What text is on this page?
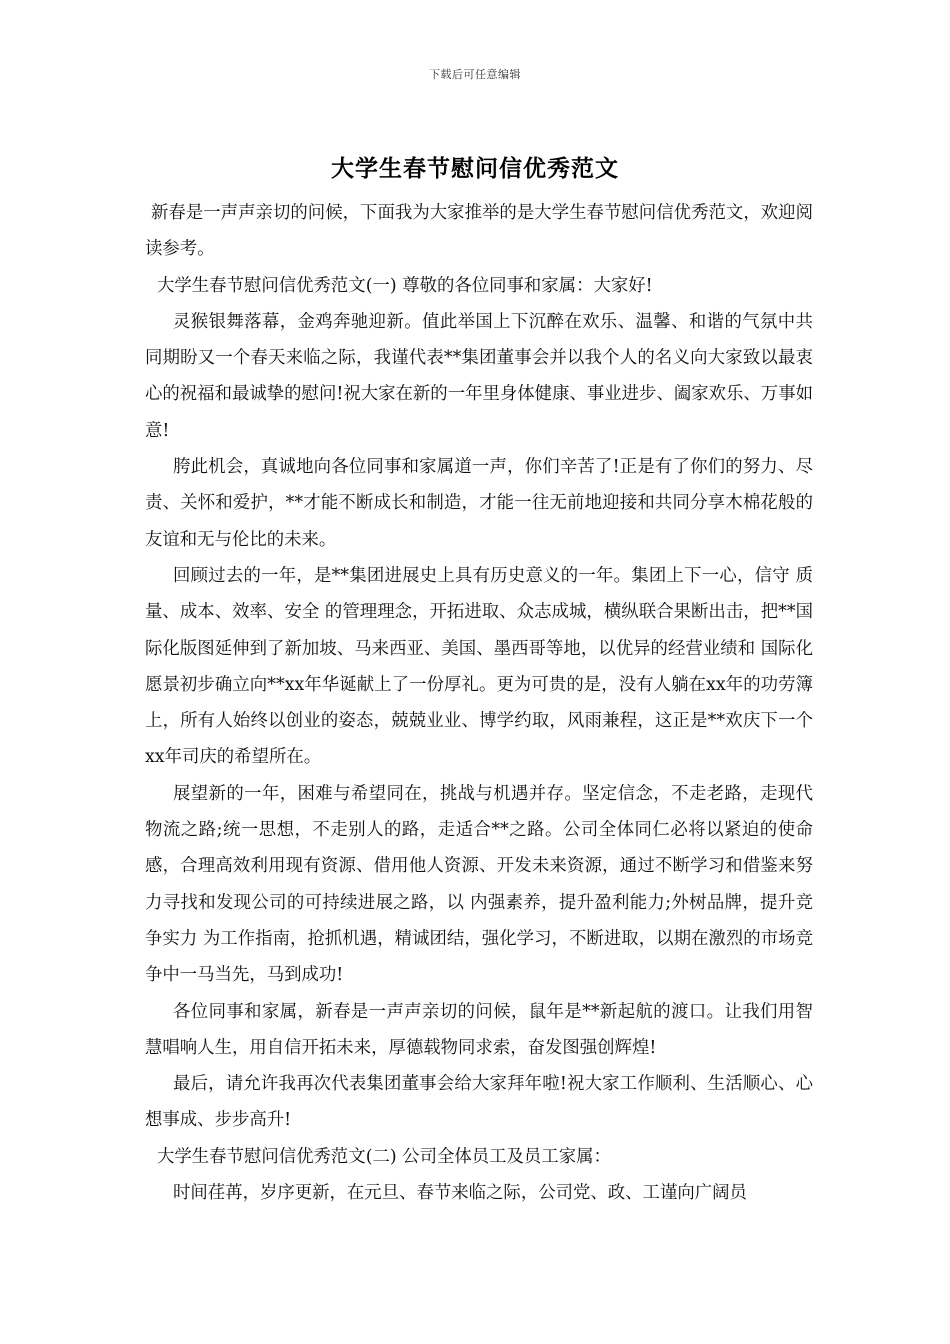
下载后可任意编辑
大学生春节慰问信优秀范文

新春是一声声亲切的问候，下面我为大家推举的是大学生春节慰问信优秀范文，欢迎阅读参考。

大学生春节慰问信优秀范文(一) 尊敬的各位同事和家属：大家好!

灵猴银舞落幕，金鸡奔驰迎新。值此举国上下沉醉在欢乐、温馨、和谐的气氛中共同期盼又一个春天来临之际，我谨代表**集团董事会并以我个人的名义向大家致以最衷心的祝福和最诚挚的慰问!祝大家在新的一年里身体健康、事业进步、阖家欢乐、万事如意!

胯此机会，真诚地向各位同事和家属道一声，你们辛苦了!正是有了你们的努力、尽责、关怀和爱护，**才能不断成长和制造，才能一往无前地迎接和共同分享木棉花般的友谊和无与伦比的未来。

回顾过去的一年，是**集团进展史上具有历史意义的一年。集团上下一心，信守 质量、成本、效率、安全 的管理理念，开拓进取、众志成城，横纵联合果断出击，把**国际化版图延伸到了新加坡、马来西亚、美国、墨西哥等地，以优异的经营业绩和 国际化 愿景初步确立向**xx年华诞献上了一份厚礼。更为可贵的是，没有人躺在xx年的功劳簿上，所有人始终以创业的姿态，兢兢业业、博学约取，风雨兼程，这正是**欢庆下一个xx年司庆的希望所在。

展望新的一年，困难与希望同在，挑战与机遇并存。坚定信念，不走老路，走现代物流之路;统一思想，不走别人的路，走适合**之路。公司全体同仁必将以紧迫的使命感，合理高效利用现有资源、借用他人资源、开发未来资源，通过不断学习和借鉴来努力寻找和发现公司的可持续进展之路，以 内强素养，提升盈利能力;外树品牌，提升竞争实力 为工作指南，抢抓机遇，精诚团结，强化学习，不断进取，以期在激烈的市场竞争中一马当先，马到成功!

各位同事和家属，新春是一声声亲切的问候，鼠年是**新起航的渡口。让我们用智慧唱响人生，用自信开拓未来，厚德载物同求索，奋发图强创辉煌!

最后，请允许我再次代表集团董事会给大家拜年啦!祝大家工作顺利、生活顺心、心想事成、步步高升!

大学生春节慰问信优秀范文(二) 公司全体员工及员工家属：

时间荏苒，岁序更新，在元旦、春节来临之际，公司党、政、工谨向广阔员
